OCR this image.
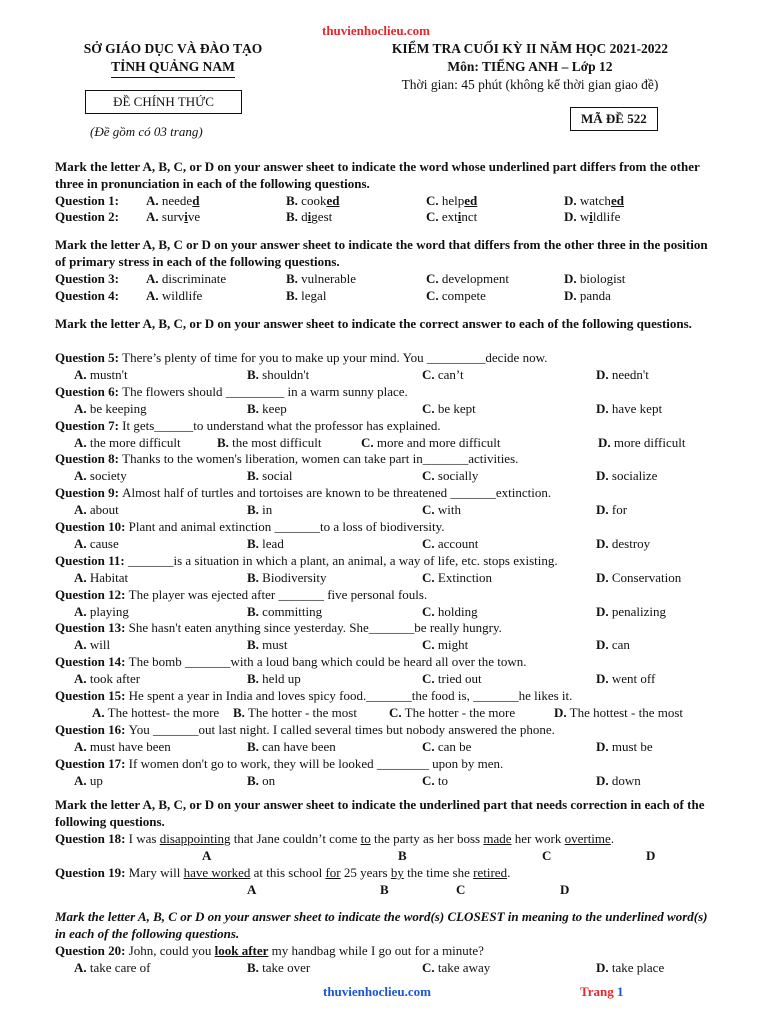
thuvienhoclieu.com
SỞ GIÁO DỤC VÀ ĐÀO TẠO
TỈNH QUẢNG NAM
ĐỀ CHÍNH THỨC
(Đề gồm có 03 trang)
KIỂM TRA CUỐI KỲ II NĂM HỌC 2021-2022
Môn: TIẾNG ANH – Lớp 12
Thời gian: 45 phút (không kể thời gian giao đề)
MÃ ĐỀ 522
Mark the letter A, B, C, or D on your answer sheet to indicate the word whose underlined part differs from the other three in pronunciation in each of the following questions.
Question 1: A. needed	B. cooked	C. helped	D. watched
Question 2: A. survive	B. digest	C. extinct	D. wildlife
Mark the letter A, B, C or D on your answer sheet to indicate the word that differs from the other three in the position of primary stress in each of the following questions.
Question 3: A. discriminate	B. vulnerable	C. development	D. biologist
Question 4: A. wildlife	B. legal	C. compete	D. panda
Mark the letter A, B, C, or D on your answer sheet to indicate the correct answer to each of the following questions.
Question 5: There’s plenty of time for you to make up your mind. You _________decide now.
A. mustn't	B. shouldn't	C. can’t	D. needn't
Question 6: The flowers should _________ in a warm sunny place.
A. be keeping	B. keep	C. be kept	D. have kept
Question 7: It gets______to understand what the professor has explained.
A. the more difficult	B. the most difficult	C. more and more difficult	D. more difficult
Question 8: Thanks to the women's liberation, women can take part in_______activities.
A. society	B. social	C. socially	D. socialize
Question 9: Almost half of turtles and tortoises are known to be threatened _______extinction.
A. about	B. in	C. with	D. for
Question 10: Plant and animal extinction _______to a loss of biodiversity.
A. cause	B. lead	C. account	D. destroy
Question 11: _______is a situation in which a plant, an animal, a way of life, etc. stops existing.
A. Habitat	B. Biodiversity	C. Extinction	D. Conservation
Question 12: The player was ejected after _______ five personal fouls.
A. playing	B. committing	C. holding	D. penalizing
Question 13: She hasn't eaten anything since yesterday. She_______be really hungry.
A. will	B. must	C. might	D. can
Question 14: The bomb _______with a loud bang which could be heard all over the town.
A. took after	B. held up	C. tried out	D. went off
Question 15: He spent a year in India and loves spicy food._______the food is, _______he likes it.
A. The hottest- the more B. The hotter - the most C. The hotter - the more	D. The hottest - the most
Question 16: You _______out last night. I called several times but nobody answered the phone.
A. must have been	B. can have been	C. can be	D. must be
Question 17: If women don't go to work, they will be looked ________ upon by men.
A. up	B. on	C. to	D. down
Mark the letter A, B, C, or D on your answer sheet to indicate the underlined part that needs correction in each of the following questions.
Question 18: I was disappointing that Jane couldn’t come to the party as her boss made her work overtime.
A	B	C	D
Question 19: Mary will have worked at this school for 25 years by the time she retired.
A	B	C	D
Mark the letter A, B, C or D on your answer sheet to indicate the word(s) CLOSEST in meaning to the underlined word(s) in each of the following questions.
Question 20: John, could you look after my handbag while I go out for a minute?
A. take care of	B. take over	C. take away	D. take place
thuvienhoclieu.com	Trang 1
